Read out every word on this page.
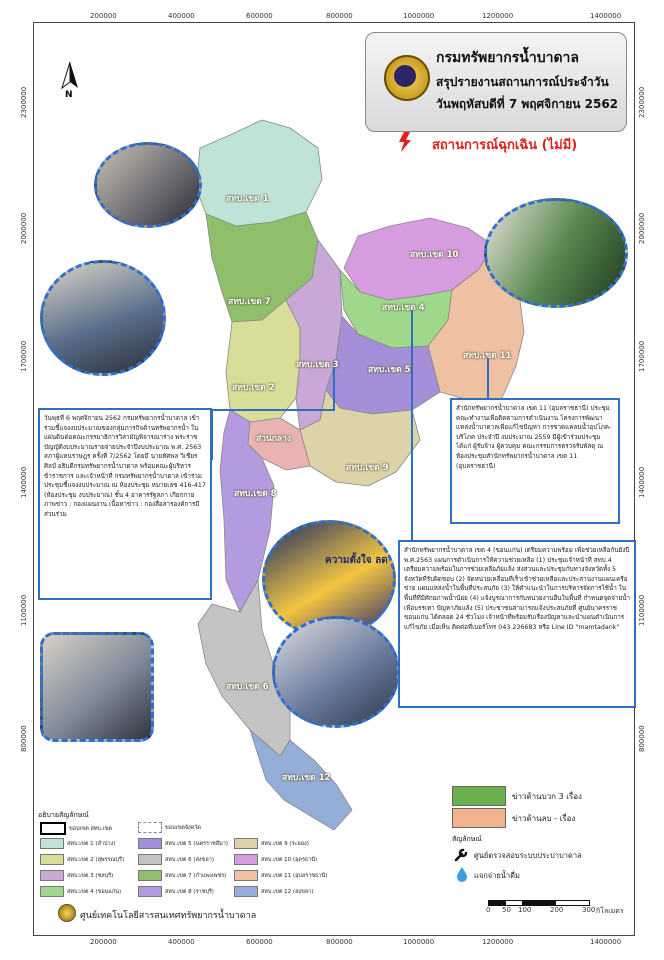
200000	400000	600000	800000	1000000	1200000	1400000
200000	400000	600000	800000	1000000	1200000	1400000
2300000
2000000
1700000
1400000
1100000
800000
2300000
2000000
1700000
1400000
1100000
800000
N
กรมทรัพยากรน้ำบาดาล
สรุปรายงานสถานการณ์ประจำวัน
วันพฤหัสบดีที่ 7 พฤศจิกายน 2562
สถานการณ์ฉุกเฉิน (ไม่มี)
สทบ.เขต 1
สทบ.เขต 7
สทบ.เขต 2
สทบ.เขต 3
สทบ.เขต 4
สทบ.เขต 5
สทบ.เขต 10
สทบ.เขต 11
สทบ.เขต 9
สทบ.เขต 8
ส่วนกลาง
สทบ.เขต 6
สทบ.เขต 12
ความตั้งใจ ลด
วันพุธที่ 6 พฤศจิกายน 2562 กรมทรัพยากรน้ำบาดาล เข้าร่วมชี้แจงงบประมาณของกลุ่มภารกิจด้านทรัพยากรน้ำ ในแผ่นดินต่อคณะกรรมาธิการวิสามัญพิจารณาร่าง พระราชบัญญัติงบประมาณรายจ่ายประจำปีงบประมาณ พ.ศ. 2563 สภาผู้แทนราษฎร ครั้งที่ 7/2562 โดยมี นายทัศพล วิเชียรศิลป์ อธิบดีกรมทรัพยากรน้ำบาดาล พร้อมคณะผู้บริหาร ข้าราชการ และเจ้าหน้าที่ กรมทรัพยากรน้ำบาดาล เข้าร่วมประชุมชี้แจงงบประมาณ ณ ห้องประชุม หมายเลข 416-417 (ห้องประชุม งบประมาณ) ชั้น 4 อาคารรัฐสภา เกียกกาย ภาพข่าว : กองแผนงาน เนื้อหาข่าว : กองสื่อสารองค์การมีส่วนร่วม
สำนักทรัพยากรน้ำบาดาล เขต 11 (อุบลราชธานี) ประชุมคณะทำงานเพื่อติดตามการดำเนินงาน โครงการพัฒนาแหล่งน้ำบาดาลเพื่อแก้ไขปัญหา การขาดแคลนน้ำอุปโภค-บริโภค ประจำปี งบประมาณ 2559 มีผู้เข้าร่วมประชุมได้แก่ ผู้รับจ้าง ผู้ควบคุม คณะกรรมการตรวจรับพัสดุ ณ ห้องประชุมสำนักทรัพยากรน้ำบาดาล เขต 11 (อุบลราชธานี)
สำนักทรัพยากรน้ำบาดาล เขต 4 (ขอนแก่น) เตรียมความพร้อม เพื่อช่วยเหลือกันยังปี พ.ศ.2563 แผนการดำเนินการให้ความช่วยเหลือ (1) ประชุมเจ้าหน้าที่ สทบ.4 เตรียมความพร้อมในการช่วยเหลือภัยแล้ง ส่งส่วนและประชุมกับทางจังหวัดทั้ง 5 จังหวัดที่รับผิดชอบ (2) จัดหน่วยเคลื่อนที่เร็วเข้าช่วยเหลือและประสานงานแผนเครือข่าย แผนแหล่งน้ำในพื้นที่ประสบภัย (3) ให้คำแนะนำในการบริหารจัดการใช้น้ำ ในพื้นที่ที่มีศักยภาพน้ำน้อย (4) แจ้งบูรณาการกับหน่วยงานอื่นในพื้นที่ กำหนดจุดจ่ายน้ำเพื่อบรรเทา ปัญหาภัยแล้ง (5) ประชาชนสามารถแจ้งประสบภัยที่ ศูนย์นาครราช ขอนแก่น ได้ตลอด 24 ชั่วโมง เจ้าหน้าที่พร้อมรับเรื่องปัญหาและนำแผนดำเนินการแก้ไขภัย เมื่อเห็น ติดต่อที่เบอร์โทร 043 236683 หรือ Line ID "mamtadank"
อธิบายสัญลักษณ์
ขอบเขต สทบ.เขต	ขอบเขตจังหวัด
สทบ.เขต 1 (ลำปาง)
สทบ.เขต 2 (สุพรรณบุรี)
สทบ.เขต 3 (ชลบุรี)
สทบ.เขต 4 (ขอนแก่น)
สทบ.เขต 5 (นครราชสีมา)
สทบ.เขต 6 (สงขลา)
สทบ.เขต 7 (กำแพงเพชร)
สทบ.เขต 8 (ราชบุรี)
สทบ.เขต 9 (ระยอง)
สทบ.เขต 10 (อุดรธานี)
สทบ.เขต 11 (อุบลราชธานี)
สทบ.เขต 12 (สงขลา)
ข่าวด้านบวก 3 เรื่อง
ข่าวด้านลบ - เรื่อง
สัญลักษณ์
ศูนย์ตรวจสอบระบบประปาบาดาล
แจกจ่ายน้ำดื่ม
0 50 100	200	300 กิโลเมตร
ศูนย์เทคโนโลยีสารสนเทศทรัพยากรน้ำบาดาล
